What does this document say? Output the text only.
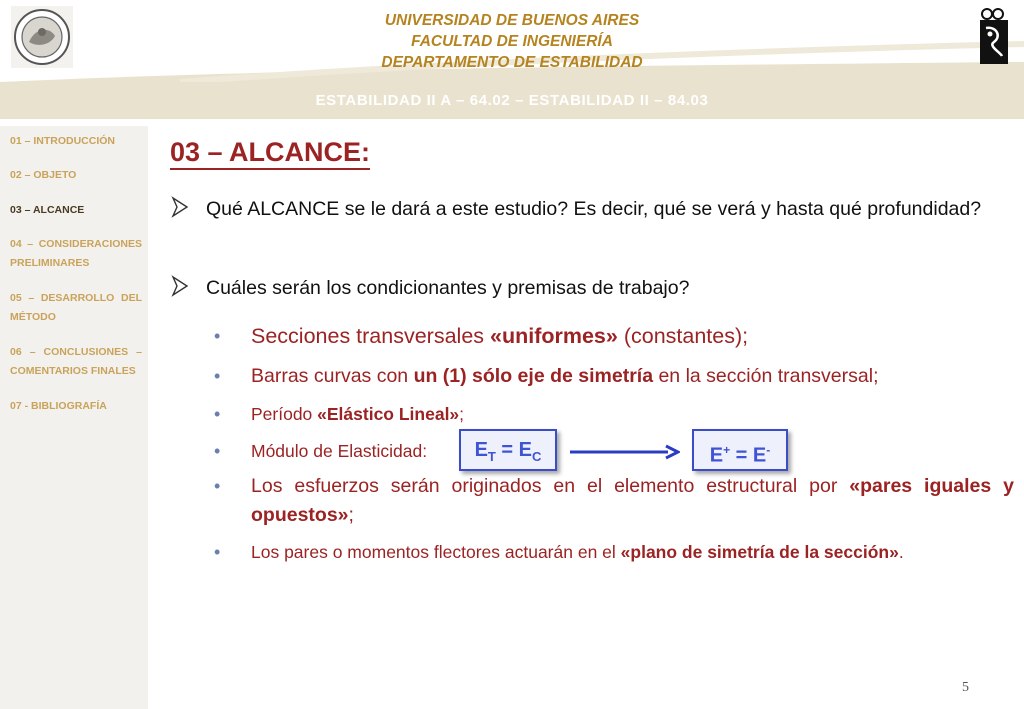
UNIVERSIDAD DE BUENOS AIRES
FACULTAD DE INGENIERÍA
DEPARTAMENTO DE ESTABILIDAD
ESTABILIDAD II A – 64.02 – ESTABILIDAD II – 84.03
01 – INTRODUCCIÓN
02 – OBJETO
03 – ALCANCE
04 – CONSIDERACIONES PRELIMINARES
05 – DESARROLLO DEL MÉTODO
06 – CONCLUSIONES – COMENTARIOS FINALES
07 - BIBLIOGRAFÍA
03 – ALCANCE:
Qué ALCANCE se le dará a este estudio? Es decir, qué se verá y hasta qué profundidad?
Cuáles serán los condicionantes y premisas de trabajo?
• Secciones transversales «uniformes» (constantes);
• Barras curvas con un (1) sólo eje de simetría en la sección transversal;
• Período «Elástico Lineal»;
• Módulo de Elasticidad:	$E_T = E_C$	E+ = E-
• Los esfuerzos serán originados en el elemento estructural por «pares iguales y opuestos»;
• Los pares o momentos flectores actuarán en el «plano de simetría de la sección».
5
